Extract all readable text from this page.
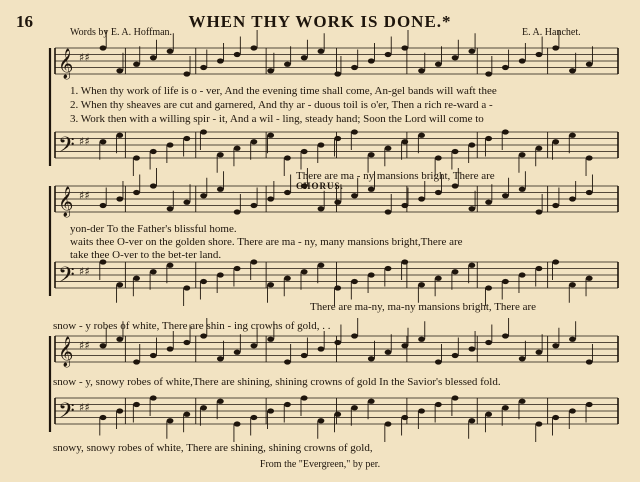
16	WHEN THY WORK IS DONE.*
Words by E. A. Hoffman.	E. A. Hanchet.
𝄞 ♯♯
𝄢 ♯♯
𝄞 ♯♯
𝄢 ♯♯
𝄞 ♯♯
𝄢 ♯♯
1. When thy work of life is o - ver, And the evening time shall come, An-gel bands will waft thee
2. When thy sheaves are cut and garnered, And thy ar - duous toil is o'er, Then a rich re-ward a -
3. Work then with a willing spir - it, And a wil - ling, steady hand; Soon the Lord will come to
There are ma - ny mansions bright, There are
CHORUS.
yon-der To the Father's blissful home.
waits thee O-ver on the golden shore. There are ma - ny, many mansions bright,There are
take thee O-ver to the bet-ter land.
There are ma-ny, ma-ny mansions bright, There are
snow - y robes of white, There are shin - ing crowns of gold, . .
snow - y, snowy robes of white,There are shining, shining crowns of gold In the Savior's blessed fold.
snowy, snowy robes of white, There are shining, shining crowns of gold,
From the "Evergreen," by per.
